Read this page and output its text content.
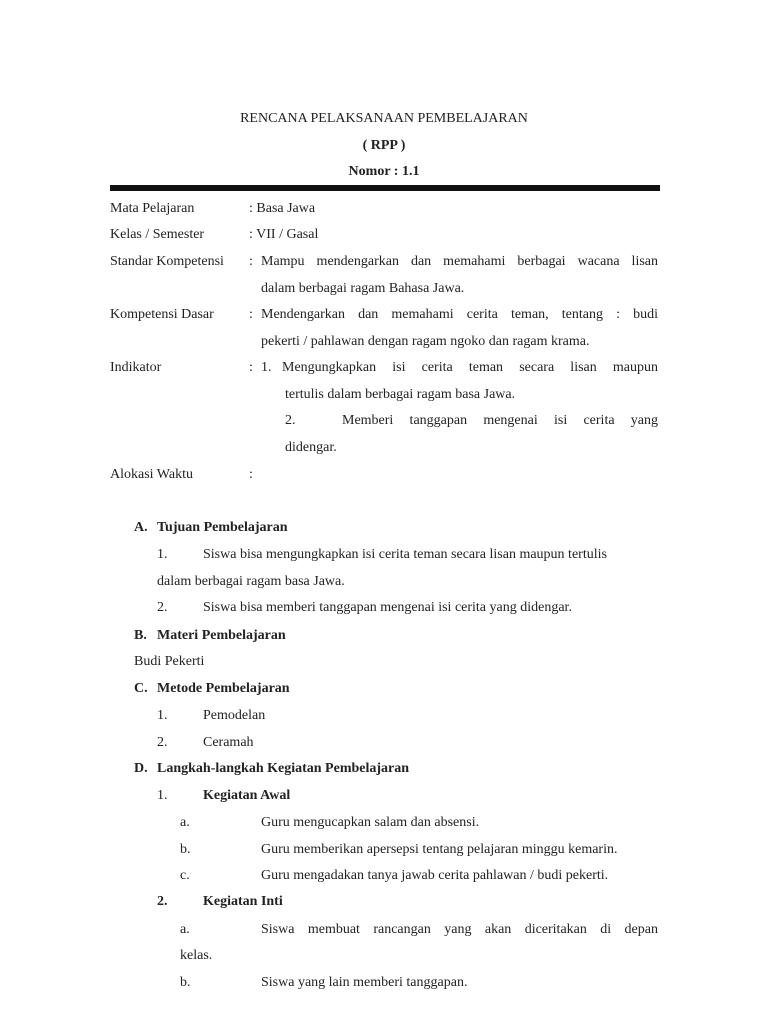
RENCANA PELAKSANAAN PEMBELAJARAN
( RPP )
Nomor : 1.1
Mata Pelajaran	: Basa Jawa
Kelas / Semester	: VII / Gasal
Standar Kompetensi : Mampu mendengarkan dan memahami berbagai wacana lisan
dalam berbagai ragam Bahasa Jawa.
Kompetensi Dasar	: Mendengarkan dan memahami cerita teman, tentang : budi
pekerti / pahlawan dengan ragam ngoko dan ragam krama.
Indikator	: 1. Mengungkapkan isi cerita teman secara lisan maupun
tertulis dalam berbagai ragam basa Jawa.
2.	Memberi tanggapan mengenai isi cerita yang
didengar.
Alokasi Waktu	:
A. Tujuan Pembelajaran
1.	Siswa bisa mengungkapkan isi cerita teman secara lisan maupun tertulis
dalam berbagai ragam basa Jawa.
2.	Siswa bisa memberi tanggapan mengenai isi cerita yang didengar.
B. Materi Pembelajaran
Budi Pekerti
C. Metode Pembelajaran
1.	Pemodelan
2.	Ceramah
D. Langkah-langkah Kegiatan Pembelajaran
1.	Kegiatan Awal
a.	Guru mengucapkan salam dan absensi.
b.	Guru memberikan apersepsi tentang pelajaran minggu kemarin.
c.	Guru mengadakan tanya jawab cerita pahlawan / budi pekerti.
2.	Kegiatan Inti
a.	Siswa membuat rancangan yang akan diceritakan di depan
kelas.
b.	Siswa yang lain memberi tanggapan.
